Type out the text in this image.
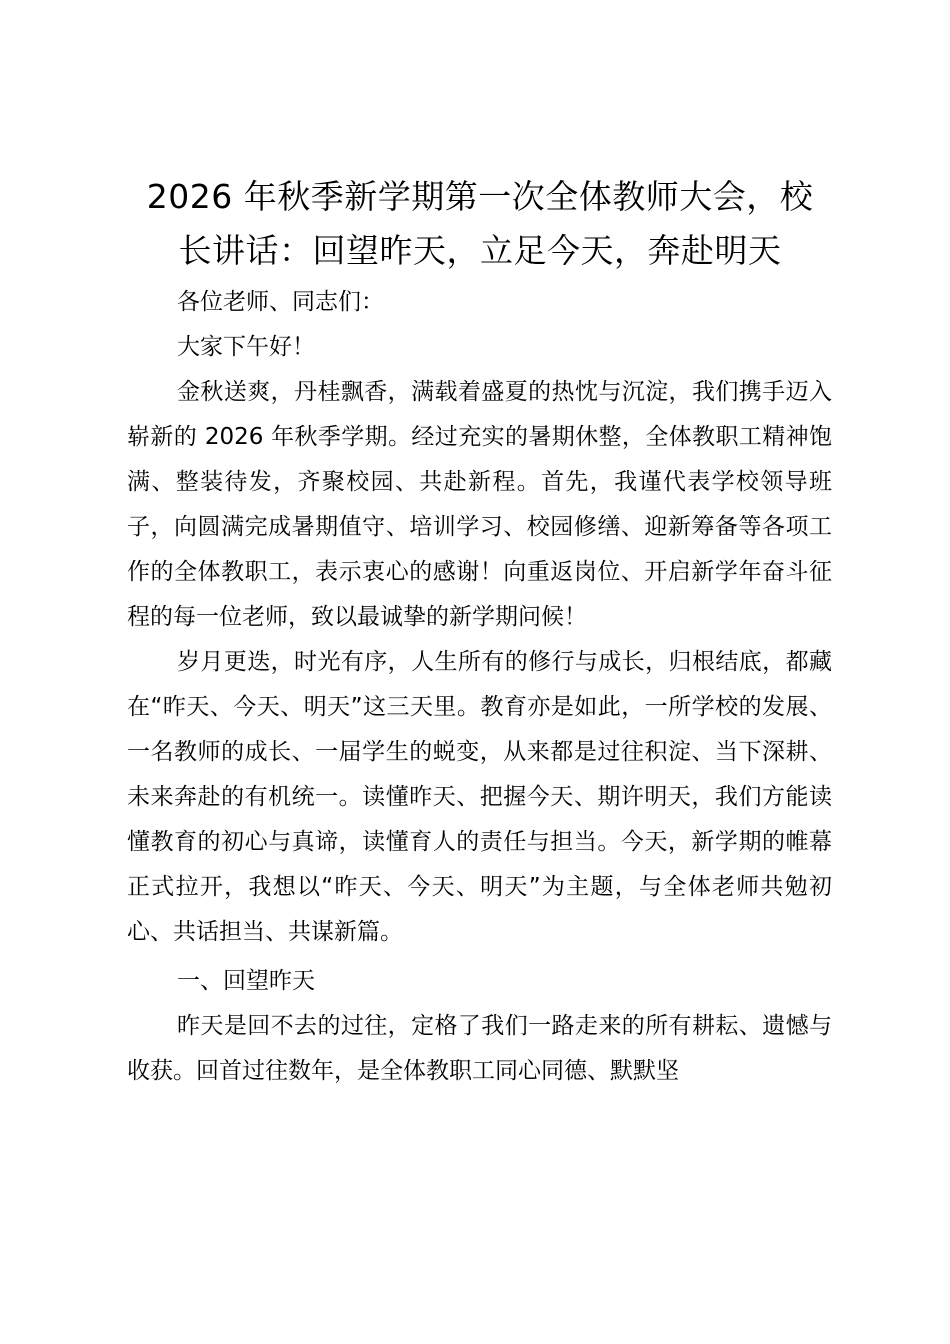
2026 年秋季新学期第一次全体教师大会，校
长讲话：回望昨天，立足今天，奔赴明天

各位老师、同志们：

大家下午好！

金秋送爽，丹桂飘香，满载着盛夏的热忱与沉淀，我们携手迈入崭新的 2026 年秋季学期。经过充实的暑期休整，全体教职工精神饱满、整装待发，齐聚校园、共赴新程。首先，我谨代表学校领导班子，向圆满完成暑期值守、培训学习、校园修缮、迎新筹备等各项工作的全体教职工，表示衷心的感谢！向重返岗位、开启新学年奋斗征程的每一位老师，致以最诚挚的新学期问候！

岁月更迭，时光有序，人生所有的修行与成长，归根结底，都藏在“昨天、今天、明天”这三天里。教育亦是如此，一所学校的发展、一名教师的成长、一届学生的蜕变，从来都是过往积淀、当下深耕、未来奔赴的有机统一。读懂昨天、把握今天、期许明天，我们方能读懂教育的初心与真谛，读懂育人的责任与担当。今天，新学期的帷幕正式拉开，我想以“昨天、今天、明天”为主题，与全体老师共勉初心、共话担当、共谋新篇。

一、回望昨天

昨天是回不去的过往，定格了我们一路走来的所有耕耘、遗憾与收获。回首过往数年，是全体教职工同心同德、默默坚
